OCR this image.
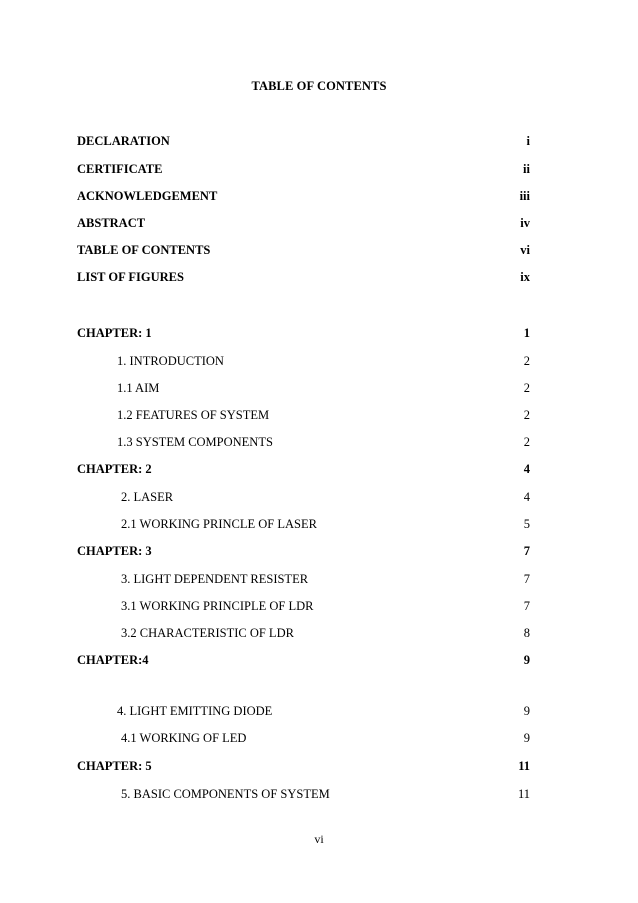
TABLE OF CONTENTS
DECLARATION	i
CERTIFICATE	ii
ACKNOWLEDGEMENT	iii
ABSTRACT	iv
TABLE OF CONTENTS	vi
LIST OF FIGURES	ix
CHAPTER: 1	1
1. INTRODUCTION	2
1.1 AIM	2
1.2 FEATURES OF SYSTEM	2
1.3 SYSTEM COMPONENTS	2
CHAPTER: 2	4
2. LASER	4
2.1 WORKING PRINCLE OF LASER	5
CHAPTER: 3	7
3. LIGHT DEPENDENT RESISTER	7
3.1 WORKING PRINCIPLE OF LDR	7
3.2 CHARACTERISTIC OF LDR	8
CHAPTER:4	9
4. LIGHT EMITTING DIODE	9
4.1 WORKING OF LED	9
CHAPTER: 5	11
5. BASIC COMPONENTS OF SYSTEM	11
vi
